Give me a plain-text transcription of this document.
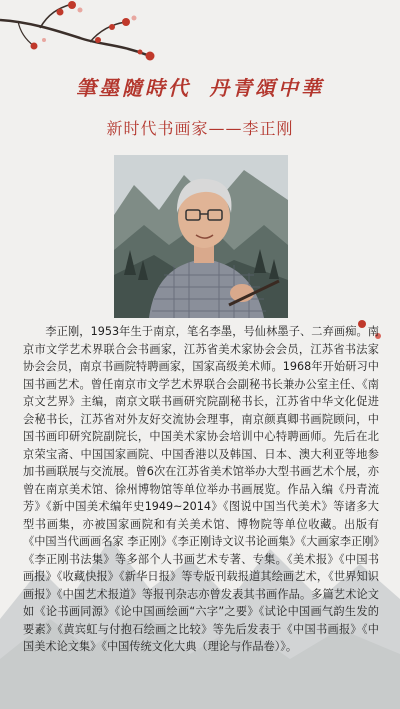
筆墨隨時代 丹青頌中華
新时代书画家——李正刚

李正刚，1953年生于南京，笔名李墨，号仙林墨子、二弃画痴。南京市文学艺术界联合会书画家，江苏省美术家协会会员，江苏省书法家协会会员，南京书画院特聘画家，国家高级美术师。1968年开始研习中国书画艺术。曾任南京市文学艺术界联合会副秘书长兼办公室主任、《南京文艺界》主编，南京文联书画研究院副秘书长，江苏省中华文化促进会秘书长，江苏省对外友好交流协会理事，南京颜真卿书画院顾问，中国书画印研究院副院长，中国美术家协会培训中心特聘画师。先后在北京荣宝斋、中国国家画院、中国香港以及韩国、日本、澳大利亚等地参加书画联展与交流展。曾6次在江苏省美术馆举办大型书画艺术个展，亦曾在南京美术馆、徐州博物馆等单位举办书画展览。作品入编《丹青流芳》《新中国美术编年史1949~2014》《图说中国当代美术》等诸多大型书画集，亦被国家画院和有关美术馆、博物院等单位收藏。出版有《中国当代画画名家 李正刚》《李正刚诗文议书论画集》《大画家李正刚》《李正刚书法集》等多部个人书画艺术专著、专集。《美术报》《中国书画报》《收藏快报》《新华日报》等专版刊载报道其绘画艺术，《世界知识画报》《中国艺术报道》等报刊杂志亦曾发表其书画作品。多篇艺术论文如《论书画同源》《论中国画绘画“六字”之要》《试论中国画气韵生发的要素》《黄宾虹与付抱石绘画之比较》等先后发表于《中国书画报》《中国美术论文集》《中国传统文化大典（理论与作品卷）》。
